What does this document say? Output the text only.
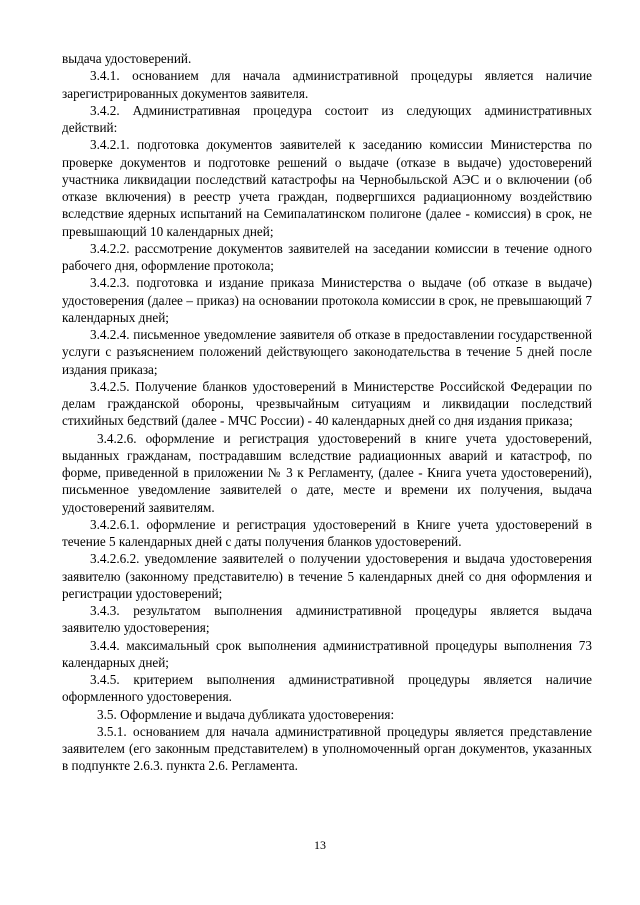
выдача удостоверений.

3.4.1. основанием для начала административной процедуры является наличие зарегистрированных документов заявителя.

3.4.2. Административная процедура состоит из следующих административных действий:

3.4.2.1. подготовка документов заявителей к заседанию комиссии Министерства по проверке документов и подготовке решений о выдаче (отказе в выдаче) удостоверений участника ликвидации последствий катастрофы на Чернобыльской АЭС и о включении (об отказе включения) в реестр учета граждан, подвергшихся радиационному воздействию вследствие ядерных испытаний на Семипалатинском полигоне (далее - комиссия) в срок, не превышающий 10 календарных дней;

3.4.2.2. рассмотрение документов заявителей на заседании комиссии в течение одного рабочего дня, оформление протокола;

3.4.2.3. подготовка и издание приказа Министерства о выдаче (об отказе в выдаче) удостоверения (далее – приказ) на основании протокола комиссии в срок, не превышающий 7 календарных дней;

3.4.2.4. письменное уведомление заявителя об отказе в предоставлении государственной услуги с разъяснением положений действующего законодательства в течение 5 дней после издания приказа;

3.4.2.5. Получение бланков удостоверений в Министерстве Российской Федерации по делам гражданской обороны, чрезвычайным ситуациям и ликвидации последствий стихийных бедствий (далее - МЧС России) - 40 календарных дней со дня издания приказа;

3.4.2.6. оформление и регистрация удостоверений в книге учета удостоверений, выданных гражданам, пострадавшим вследствие радиационных аварий и катастроф, по форме, приведенной в приложении № 3 к Регламенту, (далее - Книга учета удостоверений), письменное уведомление заявителей о дате, месте и времени их получения, выдача удостоверений заявителям.

3.4.2.6.1. оформление и регистрация удостоверений в Книге учета удостоверений в течение 5 календарных дней с даты получения бланков удостоверений.

3.4.2.6.2. уведомление заявителей о получении удостоверения и выдача удостоверения заявителю (законному представителю) в течение 5 календарных дней со дня оформления и регистрации удостоверений;

3.4.3. результатом выполнения административной процедуры является выдача заявителю удостоверения;

3.4.4. максимальный срок выполнения административной процедуры выполнения 73 календарных дней;

3.4.5. критерием выполнения административной процедуры является наличие оформленного удостоверения.

3.5. Оформление и выдача дубликата удостоверения:

3.5.1. основанием для начала административной процедуры является представление заявителем (его законным представителем) в уполномоченный орган документов, указанных в подпункте 2.6.3. пункта 2.6. Регламента.

13
